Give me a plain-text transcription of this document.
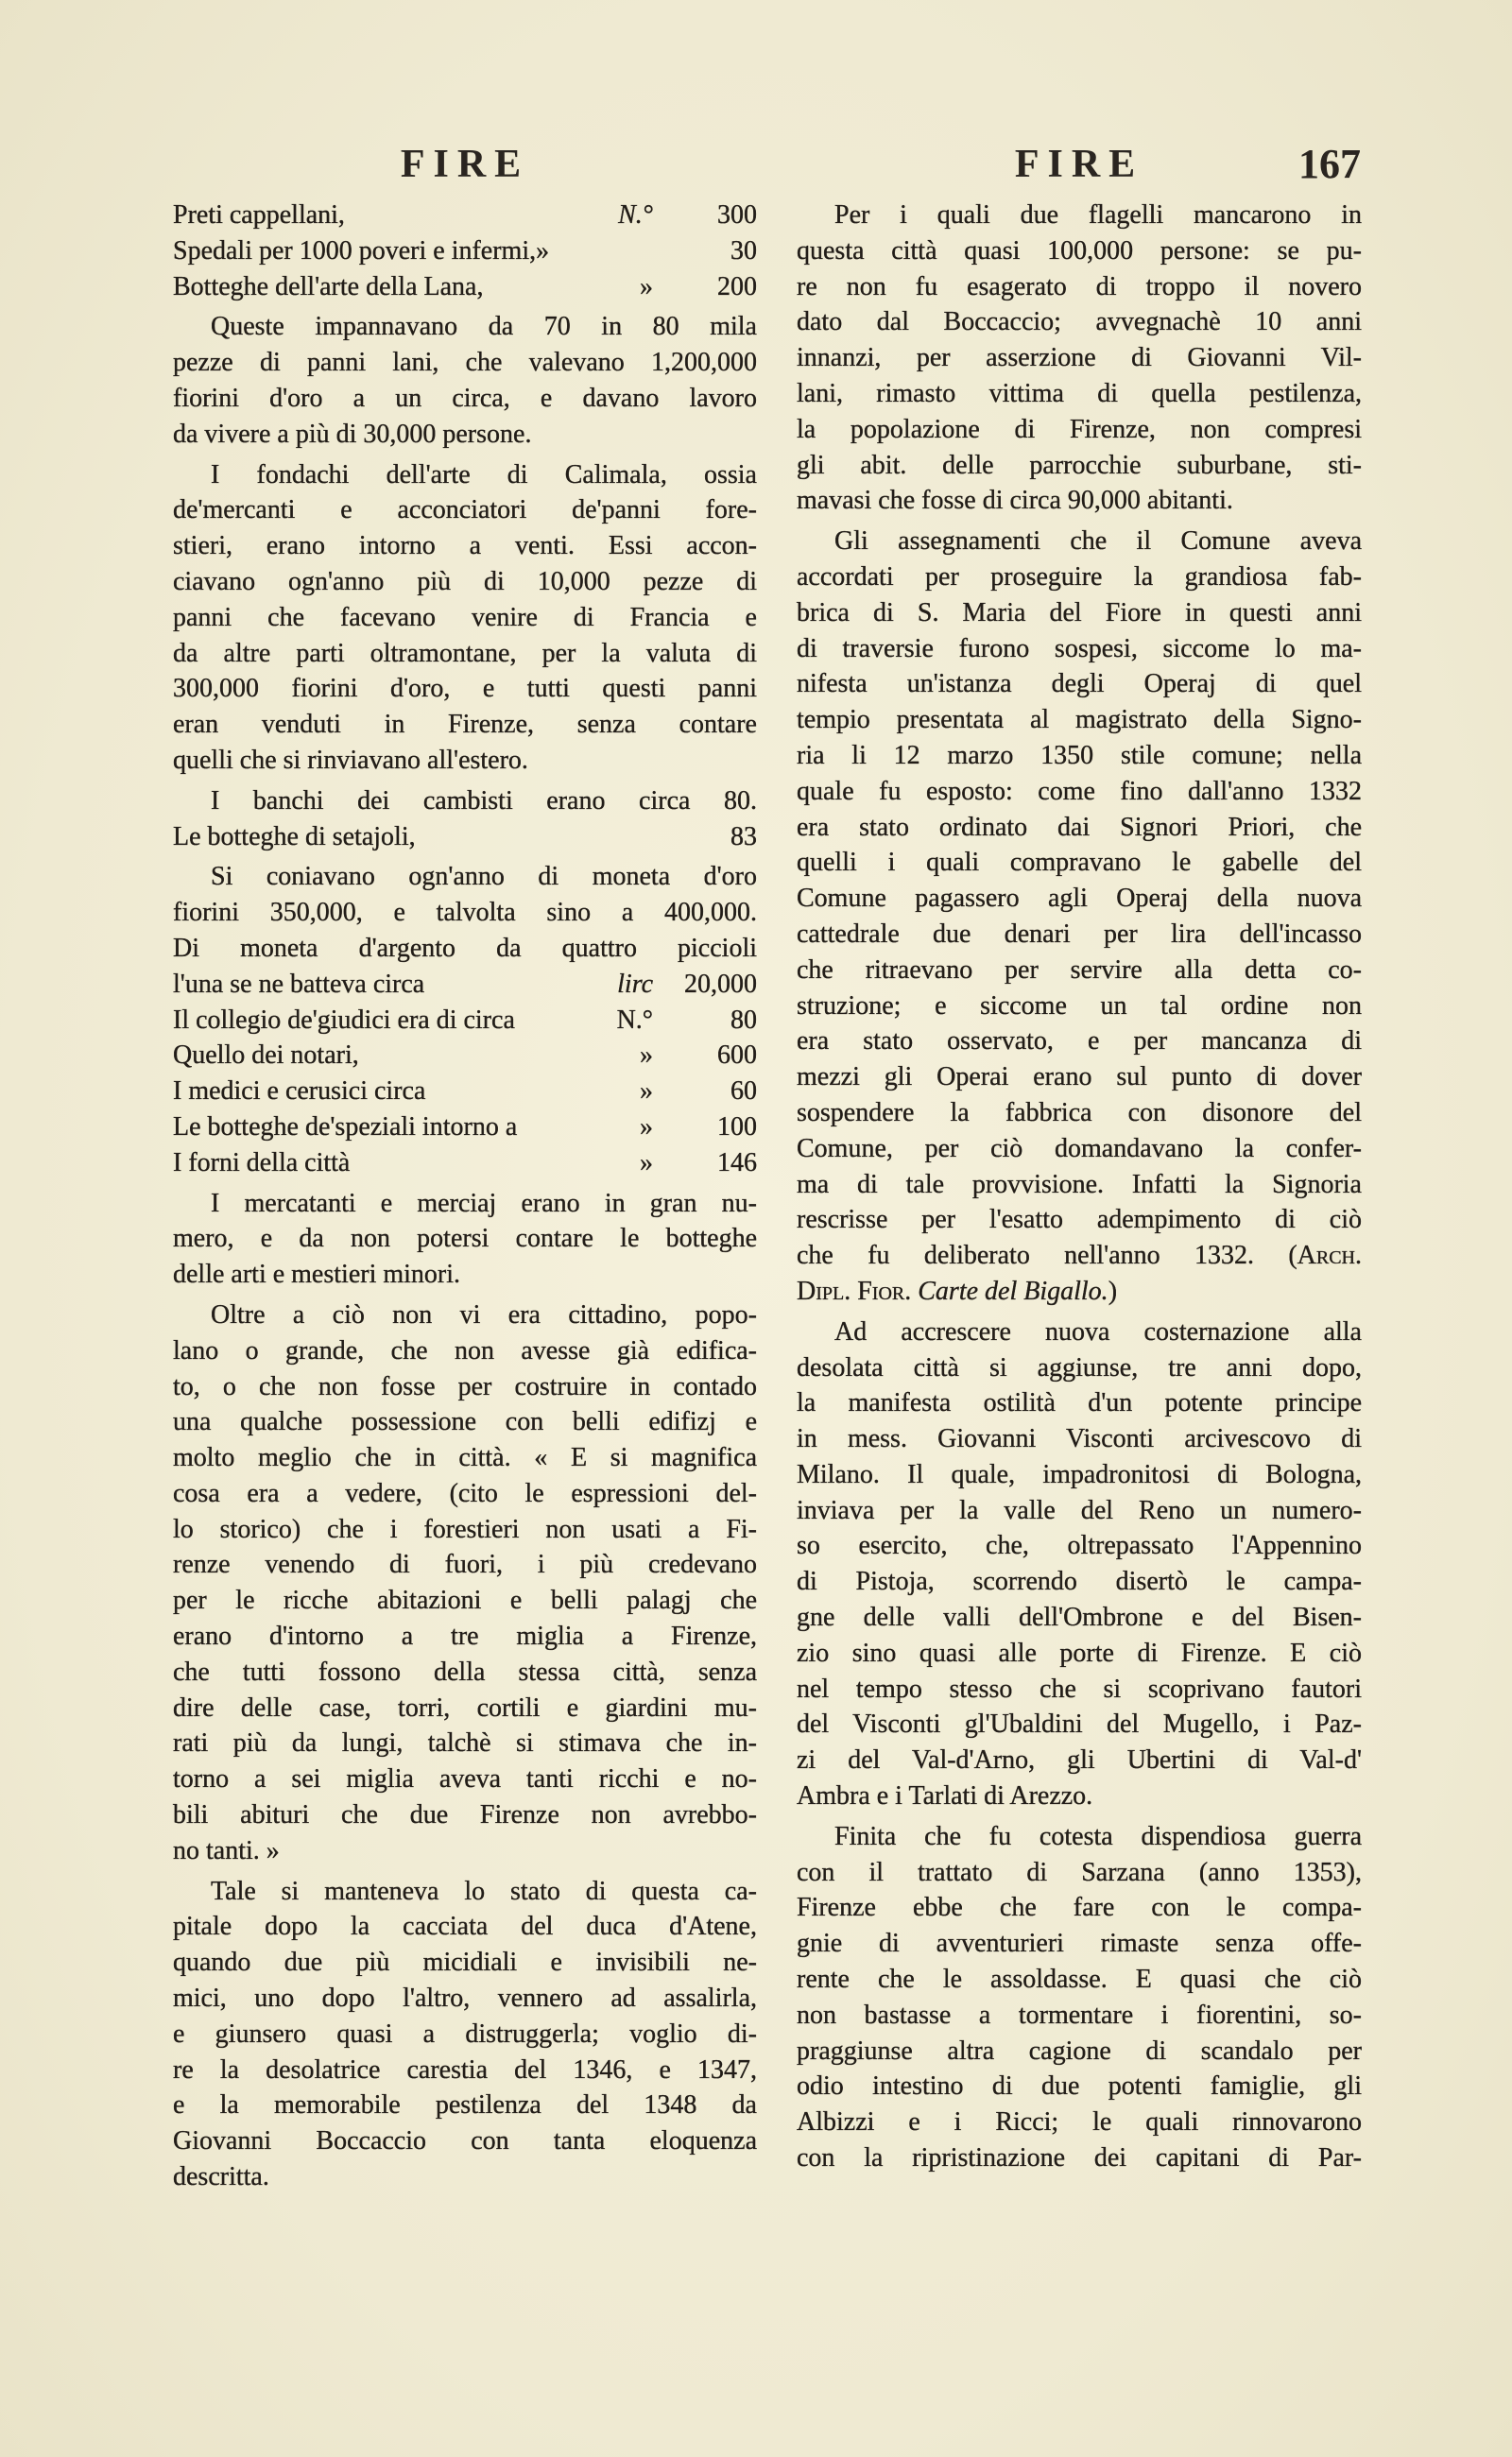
FIRE	FIRE	167
Preti cappellani,	N.°	300
Spedali per 1000 poveri e infermi,»	30
Botteghe dell'arte della Lana,	»	200
Queste impannavano da 70 in 80 mila
pezze di panni lani, che valevano 1,200,000
fiorini d'oro a un circa, e davano lavoro
da vivere a più di 30,000 persone.
I fondachi dell'arte di Calimala, ossia
de'mercanti e acconciatori de'panni fore-
stieri, erano intorno a venti. Essi accon-
ciavano ogn'anno più di 10,000 pezze di
panni che facevano venire di Francia e
da altre parti oltramontane, per la valuta di
300,000 fiorini d'oro, e tutti questi panni
eran venduti in Firenze, senza contare
quelli che si rinviavano all'estero.
I banchi dei cambisti erano circa 80.
Le botteghe di setajoli,	83
Si coniavano ogn'anno di moneta d'oro
fiorini 350,000, e talvolta sino a 400,000.
Di moneta d'argento da quattro piccioli
l'una se ne batteva circa	lirc	20,000
Il collegio de'giudici era di circa	N.°	80
Quello dei notari,	»	600
I medici e cerusici circa	»	60
Le botteghe de'speziali intorno a	»	100
I forni della città	»	146
I mercatanti e merciaj erano in gran nu-
mero, e da non potersi contare le botteghe
delle arti e mestieri minori.
Oltre a ciò non vi era cittadino, popo-
lano o grande, che non avesse già edifica-
to, o che non fosse per costruire in contado
una qualche possessione con belli edifizj e
molto meglio che in città. « E si magnifica
cosa era a vedere, (cito le espressioni del-
lo storico) che i forestieri non usati a Fi-
renze venendo di fuori, i più credevano
per le ricche abitazioni e belli palagj che
erano d'intorno a tre miglia a Firenze,
che tutti fossono della stessa città, senza
dire delle case, torri, cortili e giardini mu-
rati più da lungi, talchè si stimava che in-
torno a sei miglia aveva tanti ricchi e no-
bili abituri che due Firenze non avrebbo-
no tanti. »
Tale si manteneva lo stato di questa ca-
pitale dopo la cacciata del duca d'Atene,
quando due più micidiali e invisibili ne-
mici, uno dopo l'altro, vennero ad assalirla,
e giunsero quasi a distruggerla; voglio di-
re la desolatrice carestia del 1346, e 1347,
e la memorabile pestilenza del 1348 da
Giovanni Boccaccio con tanta eloquenza
descritta.
Per i quali due flagelli mancarono in
questa città quasi 100,000 persone: se pu-
re non fu esagerato di troppo il novero
dato dal Boccaccio; avvegnachè 10 anni
innanzi, per asserzione di Giovanni Vil-
lani, rimasto vittima di quella pestilenza,
la popolazione di Firenze, non compresi
gli abit. delle parrocchie suburbane, sti-
mavasi che fosse di circa 90,000 abitanti.
Gli assegnamenti che il Comune aveva
accordati per proseguire la grandiosa fab-
brica di S. Maria del Fiore in questi anni
di traversie furono sospesi, siccome lo ma-
nifesta un'istanza degli Operaj di quel
tempio presentata al magistrato della Signo-
ria li 12 marzo 1350 stile comune; nella
quale fu esposto: come fino dall'anno 1332
era stato ordinato dai Signori Priori, che
quelli i quali compravano le gabelle del
Comune pagassero agli Operaj della nuova
cattedrale due denari per lira dell'incasso
che ritraevano per servire alla detta co-
struzione; e siccome un tal ordine non
era stato osservato, e per mancanza di
mezzi gli Operai erano sul punto di dover
sospendere la fabbrica con disonore del
Comune, per ciò domandavano la confer-
ma di tale provvisione. Infatti la Signoria
rescrisse per l'esatto adempimento di ciò
che fu deliberato nell'anno 1332. (Arch.
Dipl. Fior. Carte del Bigallo.)
Ad accrescere nuova costernazione alla
desolata città si aggiunse, tre anni dopo,
la manifesta ostilità d'un potente principe
in mess. Giovanni Visconti arcivescovo di
Milano. Il quale, impadronitosi di Bologna,
inviava per la valle del Reno un numero-
so esercito, che, oltrepassato l'Appennino
di Pistoja, scorrendo disertò le campa-
gne delle valli dell'Ombrone e del Bisen-
zio sino quasi alle porte di Firenze. E ciò
nel tempo stesso che si scoprivano fautori
del Visconti gl'Ubaldini del Mugello, i Paz-
zi del Val-d'Arno, gli Ubertini di Val-d'
Ambra e i Tarlati di Arezzo.
Finita che fu cotesta dispendiosa guerra
con il trattato di Sarzana (anno 1353),
Firenze ebbe che fare con le compa-
gnie di avventurieri rimaste senza offe-
rente che le assoldasse. E quasi che ciò
non bastasse a tormentare i fiorentini, so-
praggiunse altra cagione di scandalo per
odio intestino di due potenti famiglie, gli
Albizzi e i Ricci; le quali rinnovarono
con la ripristinazione dei capitani di Par-
